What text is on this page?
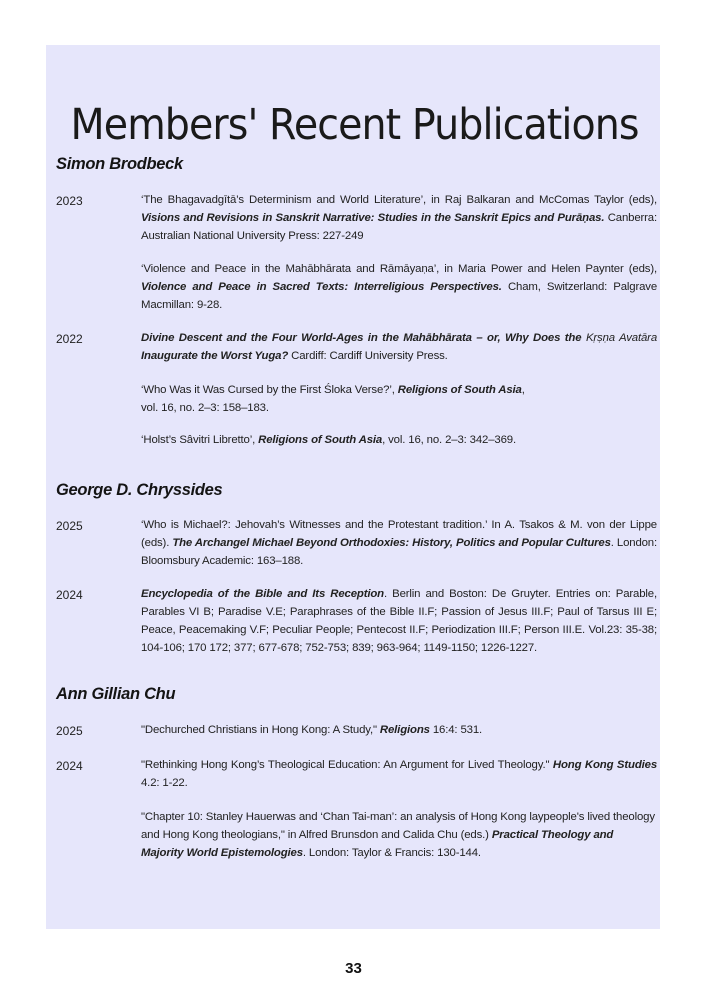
Members' Recent Publications
Simon Brodbeck
2023	‘The Bhagavadgītā’s Determinism and World Literature’, in Raj Balkaran and McComas Taylor (eds), Visions and Revisions in Sanskrit Narrative: Studies in the Sanskrit Epics and Purāṇas. Canberra: Australian National University Press: 227-249
‘Violence and Peace in the Mahābhārata and Rāmāyaṇa’, in Maria Power and Helen Paynter (eds), Violence and Peace in Sacred Texts: Interreligious Perspectives. Cham, Switzerland: Palgrave Macmillan: 9-28.
2022	Divine Descent and the Four World-Ages in the Mahābhārata – or, Why Does the Kṛṣṇa Avatāra Inaugurate the Worst Yuga? Cardiff: Cardiff University Press.
‘Who Was it Was Cursed by the First Śloka Verse?’, Religions of South Asia, vol. 16, no. 2–3: 158–183.
‘Holst’s Sâvitri Libretto’, Religions of South Asia, vol. 16, no. 2–3: 342–369.
George D. Chryssides
2025	‘Who is Michael?: Jehovah’s Witnesses and the Protestant tradition.’ In A. Tsakos & M. von der Lippe (eds). The Archangel Michael Beyond Orthodoxies: History, Politics and Popular Cultures. London: Bloomsbury Academic: 163–188.
2024	Encyclopedia of the Bible and Its Reception. Berlin and Boston: De Gruyter. Entries on: Parable, Parables VI B; Paradise V.E; Paraphrases of the Bible II.F; Passion of Jesus III.F; Paul of Tarsus III E; Peace, Peacemaking V.F; Peculiar People; Pentecost II.F; Periodization III.F; Person III.E. Vol.23: 35-38; 104-106; 170 172; 377; 677-678; 752-753; 839; 963-964; 1149-1150; 1226-1227.
Ann Gillian Chu
2025	"Dechurched Christians in Hong Kong: A Study," Religions 16:4: 531.
2024	"Rethinking Hong Kong’s Theological Education: An Argument for Lived Theology." Hong Kong Studies 4.2: 1-22.
"Chapter 10: Stanley Hauerwas and ‘Chan Tai-man’: an analysis of Hong Kong laypeople's lived theology and Hong Kong theologians," in Alfred Brunsdon and Calida Chu (eds.) Practical Theology and Majority World Epistemologies. London: Taylor & Francis: 130-144.
33
